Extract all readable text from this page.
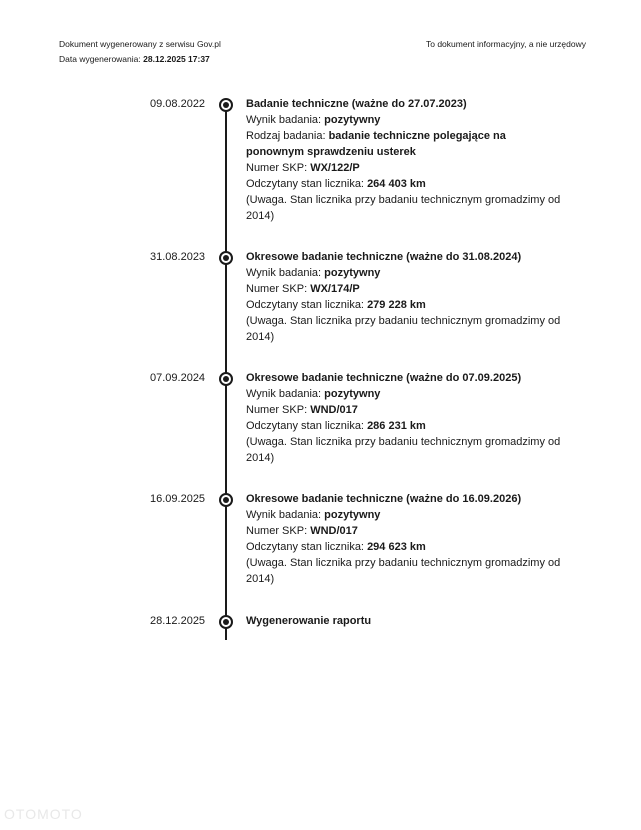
Dokument wygenerowany z serwisu Gov.pl
Data wygenerowania: 28.12.2025 17:37
To dokument informacyjny, a nie urzędowy
09.08.2022	Badanie techniczne (ważne do 27.07.2023)
Wynik badania: pozytywny
Rodzaj badania: badanie techniczne polegające na ponownym sprawdzeniu usterek
Numer SKP: WX/122/P
Odczytany stan licznika: 264 403 km
(Uwaga. Stan licznika przy badaniu technicznym gromadzimy od 2014)
31.08.2023	Okresowe badanie techniczne (ważne do 31.08.2024)
Wynik badania: pozytywny
Numer SKP: WX/174/P
Odczytany stan licznika: 279 228 km
(Uwaga. Stan licznika przy badaniu technicznym gromadzimy od 2014)
07.09.2024	Okresowe badanie techniczne (ważne do 07.09.2025)
Wynik badania: pozytywny
Numer SKP: WND/017
Odczytany stan licznika: 286 231 km
(Uwaga. Stan licznika przy badaniu technicznym gromadzimy od 2014)
16.09.2025	Okresowe badanie techniczne (ważne do 16.09.2026)
Wynik badania: pozytywny
Numer SKP: WND/017
Odczytany stan licznika: 294 623 km
(Uwaga. Stan licznika przy badaniu technicznym gromadzimy od 2014)
28.12.2025	Wygenerowanie raportu
OTOMOTO
